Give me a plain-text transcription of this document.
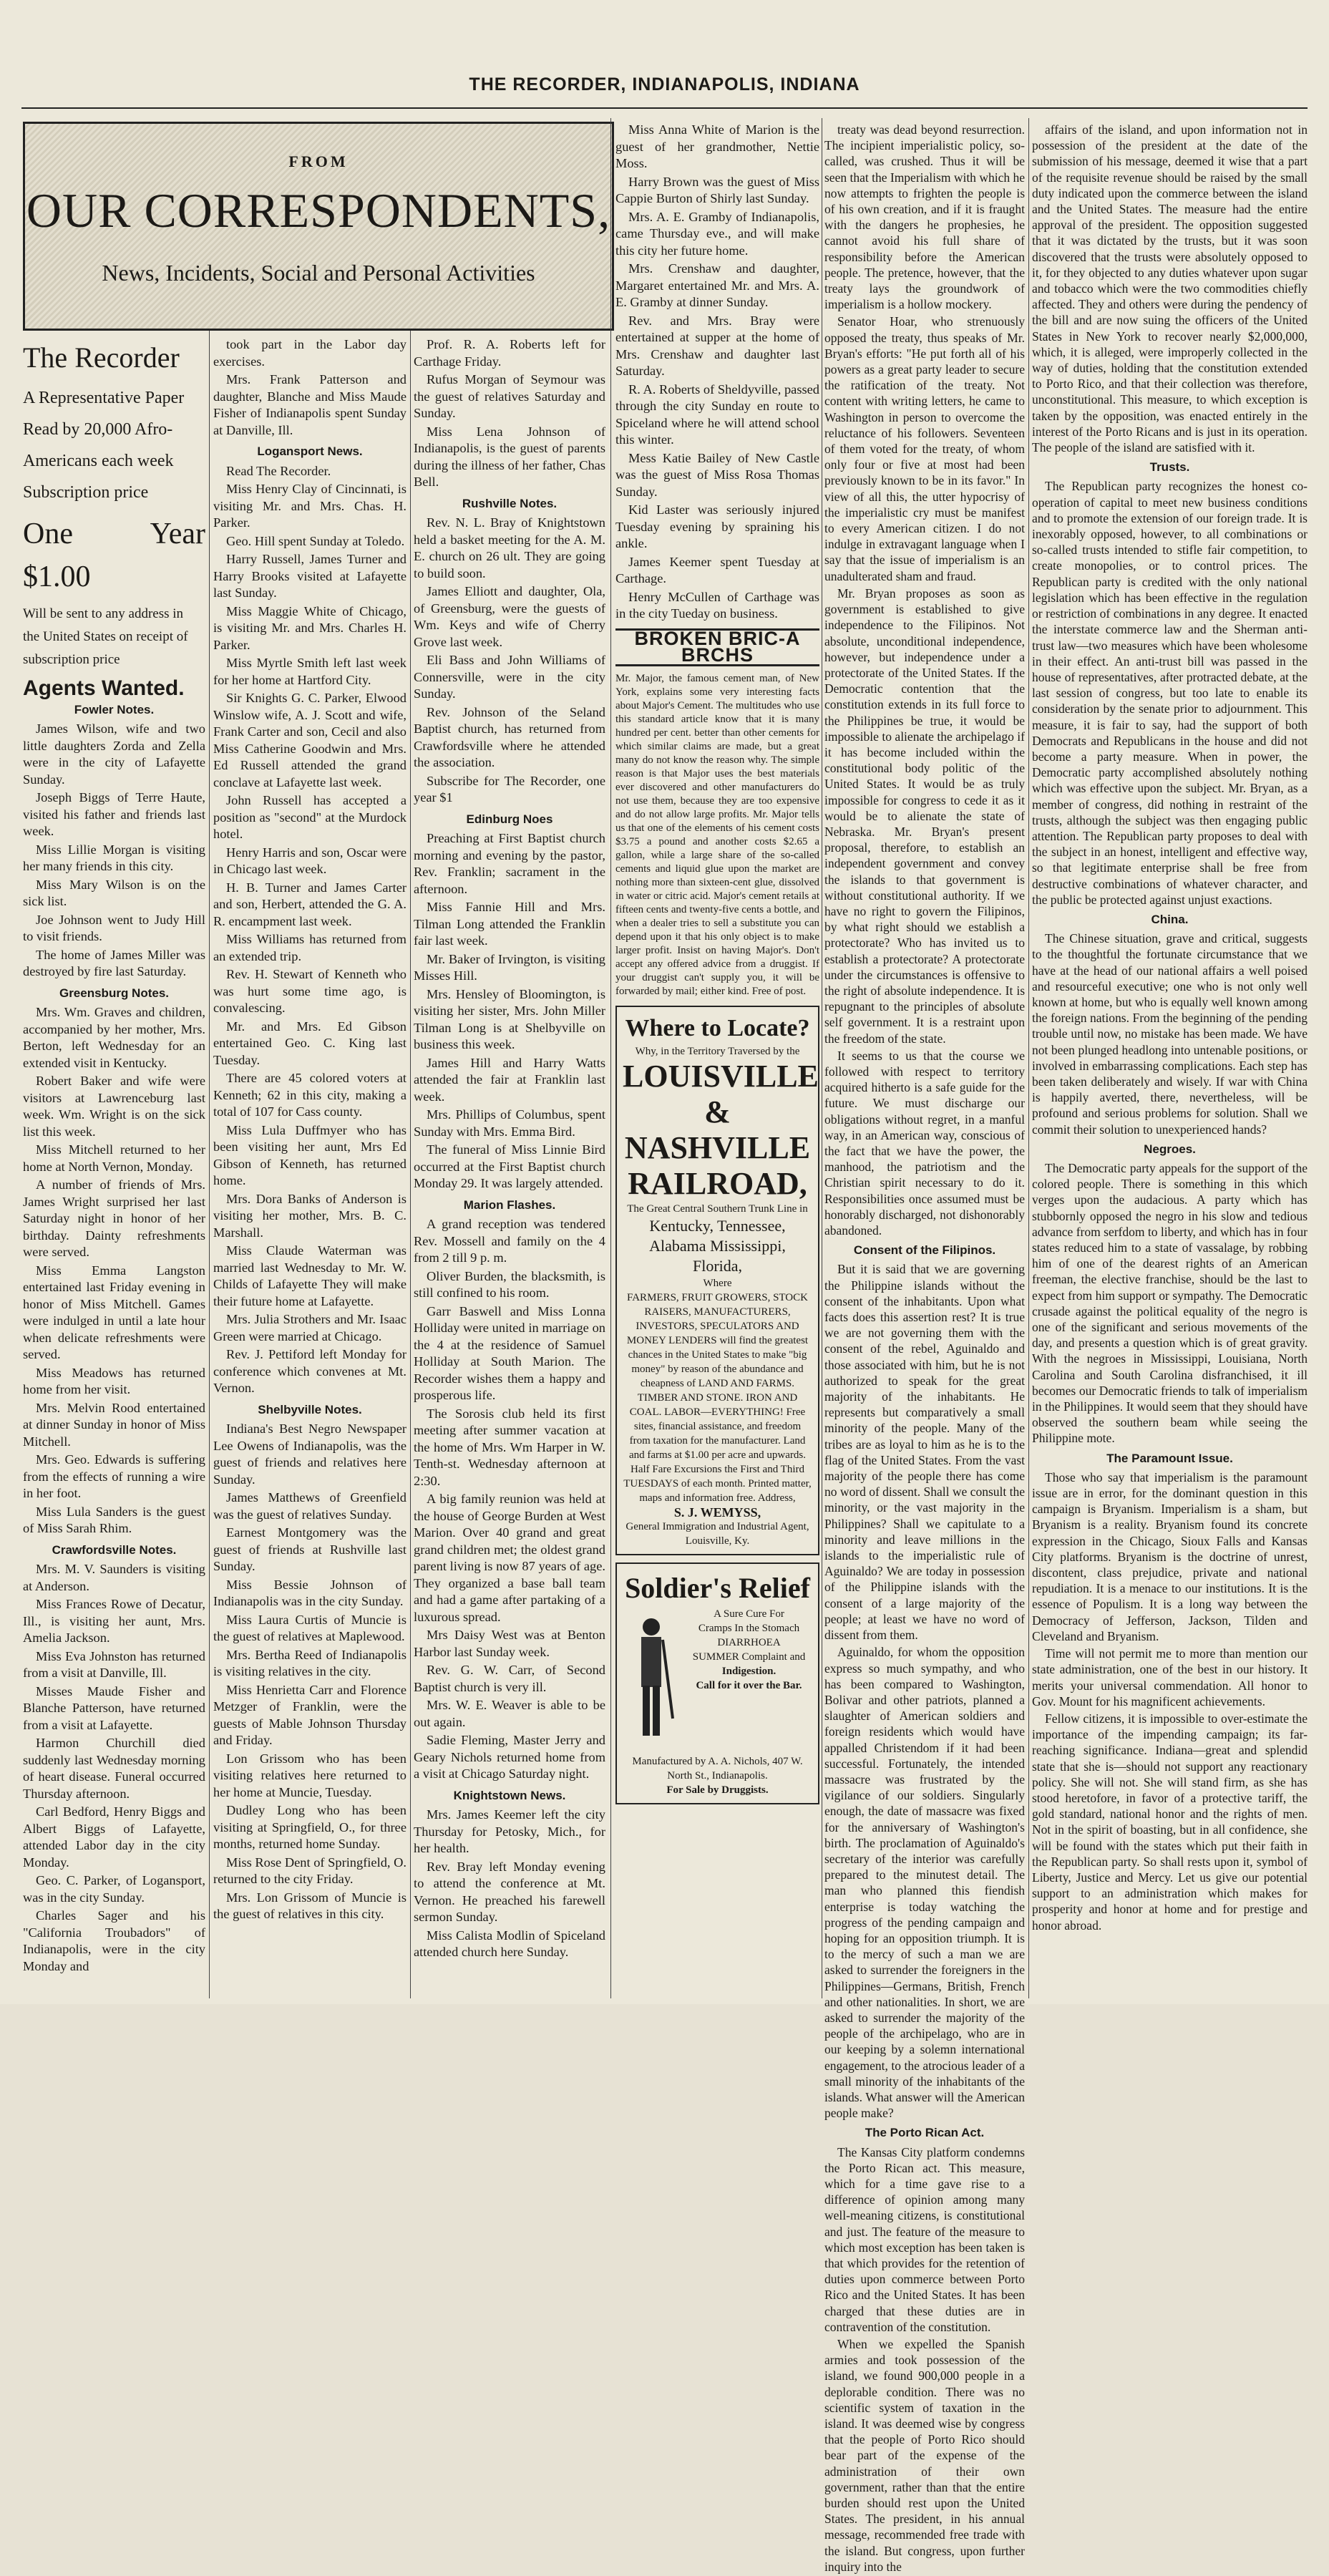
THE RECORDER, INDIANAPOLIS, INDIANA
FROM
OUR CORRESPONDENTS,
News, Incidents, Social and Personal Activities
The Recorder
A Representative Paper
Read by 20,000 Afro-
Americans each week
Subscription price
One Year $1.00
Will be sent to any address in
the United States on receipt of
subscription price
Agents Wanted.
Fowler Notes.

James Wilson, wife and two little daughters Zorda and Zella were in the city of Lafayette Sunday.

Joseph Biggs of Terre Haute, visited his father and friends last week.

Miss Lillie Morgan is visiting her many friends in this city.

Miss Mary Wilson is on the sick list.

Joe Johnson went to Judy Hill to visit friends.

The home of James Miller was destroyed by fire last Saturday.

Greensburg Notes.

Mrs. Wm. Graves and children, accompanied by her mother, Mrs. Berton, left Wednesday for an extended visit in Kentucky.

Robert Baker and wife were visitors at Lawrenceburg last week. Wm. Wright is on the sick list this week.

Miss Mitchell returned to her home at North Vernon, Monday.

A number of friends of Mrs. James Wright surprised her last Saturday night in honor of her birthday. Dainty refreshments were served.

Miss Emma Langston entertained last Friday evening in honor of Miss Mitchell. Games were indulged in until a late hour when delicate refreshments were served.

Miss Meadows has returned home from her visit.

Mrs. Melvin Rood entertained at dinner Sunday in honor of Miss Mitchell.

Mrs. Geo. Edwards is suffering from the effects of running a wire in her foot.

Miss Lula Sanders is the guest of Miss Sarah Rhim.

Crawfordsville Notes.

Mrs. M. V. Saunders is visiting at Anderson.

Miss Frances Rowe of Decatur, Ill., is visiting her aunt, Mrs. Amelia Jackson.

Miss Eva Johnston has returned from a visit at Danville, Ill.

Misses Maude Fisher and Blanche Patterson, have returned from a visit at Lafayette.

Harmon Churchill died suddenly last Wednesday morning of heart disease. Funeral occurred Thursday afternoon.

Carl Bedford, Henry Biggs and Albert Biggs of Lafayette, attended Labor day in the city Monday.

Geo. C. Parker, of Logansport, was in the city Sunday.

Charles Sager and his "California Troubadors" of Indianapolis, were in the city Monday and

took part in the Labor day exercises.

Mrs. Frank Patterson and daughter, Blanche and Miss Maude Fisher of Indianapolis spent Sunday at Danville, Ill.

Logansport News.

Read The Recorder.

Miss Henry Clay of Cincinnati, is visiting Mr. and Mrs. Chas. H. Parker.

Geo. Hill spent Sunday at Toledo.

Harry Russell, James Turner and Harry Brooks visited at Lafayette last Sunday.

Miss Maggie White of Chicago, is visiting Mr. and Mrs. Charles H. Parker.

Miss Myrtle Smith left last week for her home at Hartford City.

Sir Knights G. C. Parker, Elwood Winslow wife, A. J. Scott and wife, Frank Carter and son, Cecil and also Miss Catherine Goodwin and Mrs. Ed Russell attended the grand conclave at Lafayette last week.

John Russell has accepted a position as "second" at the Murdock hotel.

Henry Harris and son, Oscar were in Chicago last week.

H. B. Turner and James Carter and son, Herbert, attended the G. A. R. encampment last week.

Miss Williams has returned from an extended trip.

Rev. H. Stewart of Kenneth who was hurt some time ago, is convalescing.

Mr. and Mrs. Ed Gibson entertained Geo. C. King last Tuesday.

There are 45 colored voters at Kenneth; 62 in this city, making a total of 107 for Cass county.

Miss Lula Duffmyer who has been visiting her aunt, Mrs Ed Gibson of Kenneth, has returned home.

Mrs. Dora Banks of Anderson is visiting her mother, Mrs. B. C. Marshall.

Miss Claude Waterman was married last Wednesday to Mr. W. Childs of Lafayette They will make their future home at Lafayette.

Mrs. Julia Strothers and Mr. Isaac Green were married at Chicago.

Rev. J. Pettiford left Monday for conference which convenes at Mt. Vernon.

Shelbyville Notes.

Indiana's Best Negro Newspaper Lee Owens of Indianapolis, was the guest of friends and relatives here Sunday.

James Matthews of Greenfield was the guest of relatives Sunday.

Earnest Montgomery was the guest of friends at Rushville last Sunday.

Miss Bessie Johnson of Indianapolis was in the city Sunday.

Miss Laura Curtis of Muncie is the guest of relatives at Maplewood.

Mrs. Bertha Reed of Indianapolis is visiting relatives in the city.

Miss Henrietta Carr and Florence Metzger of Franklin, were the guests of Mable Johnson Thursday and Friday.

Lon Grissom who has been visiting relatives here returned to her home at Muncie, Tuesday.

Dudley Long who has been visiting at Springfield, O., for three months, returned home Sunday.

Miss Rose Dent of Springfield, O. returned to the city Friday.

Mrs. Lon Grissom of Muncie is the guest of relatives in this city.

Prof. R. A. Roberts left for Carthage Friday.

Rufus Morgan of Seymour was the guest of relatives Saturday and Sunday.

Miss Lena Johnson of Indianapolis, is the guest of parents during the illness of her father, Chas Bell.

Rushville Notes.

Rev. N. L. Bray of Knightstown held a basket meeting for the A. M. E. church on 26 ult. They are going to build soon.

James Elliott and daughter, Ola, of Greensburg, were the guests of Wm. Keys and wife of Cherry Grove last week.

Eli Bass and John Williams of Connersville, were in the city Sunday.

Rev. Johnson of the Seland Baptist church, has returned from Crawfordsville where he attended the association.

Subscribe for The Recorder, one year $1

Edinburg Noes

Preaching at First Baptist church morning and evening by the pastor, Rev. Franklin; sacrament in the afternoon.

Miss Fannie Hill and Mrs. Tilman Long attended the Franklin fair last week.

Mr. Baker of Irvington, is visiting Misses Hill.

Mrs. Hensley of Bloomington, is visiting her sister, Mrs. John Miller Tilman Long is at Shelbyville on business this week.

James Hill and Harry Watts attended the fair at Franklin last week.

Mrs. Phillips of Columbus, spent Sunday with Mrs. Emma Bird.

The funeral of Miss Linnie Bird occurred at the First Baptist church Monday 29. It was largely attended.

Marion Flashes.

A grand reception was tendered Rev. Mossell and family on the 4 from 2 till 9 p. m.

Oliver Burden, the blacksmith, is still confined to his room.

Garr Baswell and Miss Lonna Holliday were united in marriage on the 4 at the residence of Samuel Holliday at South Marion. The Recorder wishes them a happy and prosperous life.

The Sorosis club held its first meeting after summer vacation at the home of Mrs. Wm Harper in W. Tenth-st. Wednesday afternoon at 2:30.

A big family reunion was held at the house of George Burden at West Marion. Over 40 grand and great grand children met; the oldest grand parent living is now 87 years of age. They organized a base ball team and had a game after partaking of a luxurous spread.

Mrs Daisy West was at Benton Harbor last Sunday week.

Rev. G. W. Carr, of Second Baptist church is very ill.

Mrs. W. E. Weaver is able to be out again.

Sadie Fleming, Master Jerry and Geary Nichols returned home from a visit at Chicago Saturday night.

Knightstown News.

Mrs. James Keemer left the city Thursday for Petosky, Mich., for her health.

Rev. Bray left Monday evening to attend the conference at Mt. Vernon. He preached his farewell sermon Sunday.

Miss Calista Modlin of Spiceland attended church here Sunday.

Miss Anna White of Marion is the guest of her grandmother, Nettie Moss.

Harry Brown was the guest of Miss Cappie Burton of Shirly last Sunday.

Mrs. A. E. Gramby of Indianapolis, came Thursday eve., and will make this city her future home.

Mrs. Crenshaw and daughter, Margaret entertained Mr. and Mrs. A. E. Gramby at dinner Sunday.

Rev. and Mrs. Bray were entertained at supper at the home of Mrs. Crenshaw and daughter last Saturday.

R. A. Roberts of Sheldyville, passed through the city Sunday en route to Spiceland where he will attend school this winter.

Mess Katie Bailey of New Castle was the guest of Miss Rosa Thomas Sunday.

Kid Laster was seriously injured Tuesday evening by spraining his ankle.

James Keemer spent Tuesday at Carthage.

Henry McCullen of Carthage was in the city Tueday on business.

BROKEN BRIC-A BRCHS
Mr. Major, the famous cement man, of New York, explains some very interesting facts about Major's Cement. The multitudes who use this standard article know that it is many hundred per cent. better than other cements for which similar claims are made, but a great many do not know the reason why. The simple reason is that Major uses the best materials ever discovered and other manufacturers do not use them, because they are too expensive and do not allow large profits. Mr. Major tells us that one of the elements of his cement costs $3.75 a pound and another costs $2.65 a gallon, while a large share of the so-called cements and liquid glue upon the market are nothing more than sixteen-cent glue, dissolved in water or citric acid. Major's cement retails at fifteen cents and twenty-five cents a bottle, and when a dealer tries to sell a substitute you can depend upon it that his only object is to make larger profit. Insist on having Major's. Don't accept any offered advice from a druggist. If your druggist can't supply you, it will be forwarded by mail; either kind. Free of post.
Where to Locate?
Why, in the Territory Traversed by the
LOUISVILLE & NASHVILLE RAILROAD,
The Great Central Southern Trunk Line in
Kentucky, Tennessee, Alabama Mississippi, Florida,
Where
FARMERS, FRUIT GROWERS, STOCK RAISERS, MANUFACTURERS, INVESTORS, SPECULATORS AND MONEY LENDERS will find the greatest chances in the United States to make "big money" by reason of the abundance and cheapness of LAND AND FARMS. TIMBER AND STONE. IRON AND COAL. LABOR—EVERYTHING! Free sites, financial assistance, and freedom from taxation for the manufacturer. Land and farms at $1.00 per acre and upwards. Half Fare Excursions the First and Third TUESDAYS of each month. Printed matter, maps and information free. Address,
S. J. WEMYSS,
General Immigration and Industrial Agent, Louisville, Ky.
Soldier's Relief
A Sure Cure For
Cramps In the Stomach
DIARRHOEA
SUMMER Complaint and
Indigestion.
Call for it over the Bar.
Manufactured by A. A. Nichols, 407 W. North St., Indianapolis.
For Sale by Druggists.

treaty was dead beyond resurrection. The incipient imperialistic policy, so-called, was crushed. Thus it will be seen that the Imperialism with which he now attempts to frighten the people is of his own creation, and if it is fraught with the dangers he prophesies, he cannot avoid his full share of responsibility before the American people. The pretence, however, that the treaty lays the groundwork of imperialism is a hollow mockery.

Senator Hoar, who strenuously opposed the treaty, thus speaks of Mr. Bryan's efforts: "He put forth all of his powers as a great party leader to secure the ratification of the treaty. Not content with writing letters, he came to Washington in person to overcome the reluctance of his followers. Seventeen of them voted for the treaty, of whom only four or five at most had been previously known to be in its favor." In view of all this, the utter hypocrisy of the imperialistic cry must be manifest to every American citizen. I do not indulge in extravagant language when I say that the issue of imperialism is an unadulterated sham and fraud.

Mr. Bryan proposes as soon as government is established to give independence to the Filipinos. Not absolute, unconditional independence, however, but independence under a protectorate of the United States. If the Democratic contention that the constitution extends in its full force to the Philippines be true, it would be impossible to alienate the archipelago if it has become included within the constitutional body politic of the United States. It would be as truly impossible for congress to cede it as it would be to alienate the state of Nebraska. Mr. Bryan's present proposal, therefore, to establish an independent government and convey the islands to that government is without constitutional authority. If we have no right to govern the Filipinos, by what right should we establish a protectorate? Who has invited us to establish a protectorate? A protectorate under the circumstances is offensive to the right of absolute independence. It is repugnant to the principles of absolute self government. It is a restraint upon the freedom of the state.

It seems to us that the course we followed with respect to territory acquired hitherto is a safe guide for the future. We must discharge our obligations without regret, in a manful way, in an American way, conscious of the fact that we have the power, the manhood, the patriotism and the Christian spirit necessary to do it. Responsibilities once assumed must be honorably discharged, not dishonorably abandoned.

Consent of the Filipinos.

But it is said that we are governing the Philippine islands without the consent of the inhabitants. Upon what facts does this assertion rest? It is true we are not governing them with the consent of the rebel, Aguinaldo and those associated with him, but he is not authorized to speak for the great majority of the inhabitants. He represents but comparatively a small minority of the people. Many of the tribes are as loyal to him as he is to the flag of the United States. From the vast majority of the people there has come no word of dissent. Shall we consult the minority, or the vast majority in the Philippines? Shall we capitulate to a minority and leave millions in the islands to the imperialistic rule of Aguinaldo? We are today in possession of the Philippine islands with the consent of a large majority of the people; at least we have no word of dissent from them.

Aguinaldo, for whom the opposition express so much sympathy, and who has been compared to Washington, Bolivar and other patriots, planned a slaughter of American soldiers and foreign residents which would have appalled Christendom if it had been successful. Fortunately, the intended massacre was frustrated by the vigilance of our soldiers. Singularly enough, the date of massacre was fixed for the anniversary of Washington's birth. The proclamation of Aguinaldo's secretary of the interior was carefully prepared to the minutest detail. The man who planned this fiendish enterprise is today watching the progress of the pending campaign and hoping for an opposition triumph. It is to the mercy of such a man we are asked to surrender the foreigners in the Philippines—Germans, British, French and other nationalities. In short, we are asked to surrender the majority of the people of the archipelago, who are in our keeping by a solemn international engagement, to the atrocious leader of a small minority of the inhabitants of the islands. What answer will the American people make?

The Porto Rican Act.

The Kansas City platform condemns the Porto Rican act. This measure, which for a time gave rise to a difference of opinion among many well-meaning citizens, is constitutional and just. The feature of the measure to which most exception has been taken is that which provides for the retention of duties upon commerce between Porto Rico and the United States. It has been charged that these duties are in contravention of the constitution.

When we expelled the Spanish armies and took possession of the island, we found 900,000 people in a deplorable condition. There was no scientific system of taxation in the island. It was deemed wise by congress that the people of Porto Rico should bear part of the expense of the administration of their own government, rather than that the entire burden should rest upon the United States. The president, in his annual message, recommended free trade with the island. But congress, upon further inquiry into the

affairs of the island, and upon information not in possession of the president at the date of the submission of his message, deemed it wise that a part of the requisite revenue should be raised by the small duty indicated upon the commerce between the island and the United States. The measure had the entire approval of the president. The opposition suggested that it was dictated by the trusts, but it was soon discovered that the trusts were absolutely opposed to it, for they objected to any duties whatever upon sugar and tobacco which were the two commodities chiefly affected. They and others were during the pendency of the bill and are now suing the officers of the United States in New York to recover nearly $2,000,000, which, it is alleged, were improperly collected in the way of duties, holding that the constitution extended to Porto Rico, and that their collection was therefore, unconstitutional. This measure, to which exception is taken by the opposition, was enacted entirely in the interest of the Porto Ricans and is just in its operation. The people of the island are satisfied with it.

Trusts.

The Republican party recognizes the honest co-operation of capital to meet new business conditions and to promote the extension of our foreign trade. It is inexorably opposed, however, to all combinations or so-called trusts intended to stifle fair competition, to create monopolies, or to control prices. The Republican party is credited with the only national legislation which has been effective in the regulation or restriction of combinations in any degree. It enacted the interstate commerce law and the Sherman anti-trust law—two measures which have been wholesome in their effect. An anti-trust bill was passed in the house of representatives, after protracted debate, at the last session of congress, but too late to enable its consideration by the senate prior to adjournment. This measure, it is fair to say, had the support of both Democrats and Republicans in the house and did not become a party measure. When in power, the Democratic party accomplished absolutely nothing which was effective upon the subject. Mr. Bryan, as a member of congress, did nothing in restraint of the trusts, although the subject was then engaging public attention. The Republican party proposes to deal with the subject in an honest, intelligent and effective way, so that legitimate enterprise shall be free from destructive combinations of whatever character, and the public be protected against unjust exactions.

China.

The Chinese situation, grave and critical, suggests to the thoughtful the fortunate circumstance that we have at the head of our national affairs a well poised and resourceful executive; one who is not only well known at home, but who is equally well known among the foreign nations. From the beginning of the pending trouble until now, no mistake has been made. We have not been plunged headlong into untenable positions, or involved in embarrassing complications. Each step has been taken deliberately and wisely. If war with China is happily averted, there, nevertheless, will be profound and serious problems for solution. Shall we commit their solution to unexperienced hands?

Negroes.

The Democratic party appeals for the support of the colored people. There is something in this which verges upon the audacious. A party which has stubbornly opposed the negro in his slow and tedious advance from serfdom to liberty, and which has in four states reduced him to a state of vassalage, by robbing him of one of the dearest rights of an American freeman, the elective franchise, should be the last to expect from him support or sympathy. The Democratic crusade against the political equality of the negro is one of the significant and serious movements of the day, and presents a question which is of great gravity. With the negroes in Mississippi, Louisiana, North Carolina and South Carolina disfranchised, it ill becomes our Democratic friends to talk of imperialism in the Philippines. It would seem that they should have observed the southern beam while seeing the Philippine mote.

The Paramount Issue.

Those who say that imperialism is the paramount issue are in error, for the dominant question in this campaign is Bryanism. Imperialism is a sham, but Bryanism is a reality. Bryanism found its concrete expression in the Chicago, Sioux Falls and Kansas City platforms. Bryanism is the doctrine of unrest, discontent, class prejudice, private and national repudiation. It is a menace to our institutions. It is the essence of Populism. It is a long way between the Democracy of Jefferson, Jackson, Tilden and Cleveland and Bryanism.

Time will not permit me to more than mention our state administration, one of the best in our history. It merits your universal commendation. All honor to Gov. Mount for his magnificent achievements.

Fellow citizens, it is impossible to over-estimate the importance of the impending campaign; its far-reaching significance. Indiana—great and splendid state that she is—should not support any reactionary policy. She will not. She will stand firm, as she has stood heretofore, in favor of a protective tariff, the gold standard, national honor and the rights of men. Not in the spirit of boasting, but in all confidence, she will be found with the states which put their faith in the Republican party. So shall rests upon it, symbol of Liberty, Justice and Mercy. Let us give our potential support to an administration which makes for prosperity and honor at home and for prestige and honor abroad.
